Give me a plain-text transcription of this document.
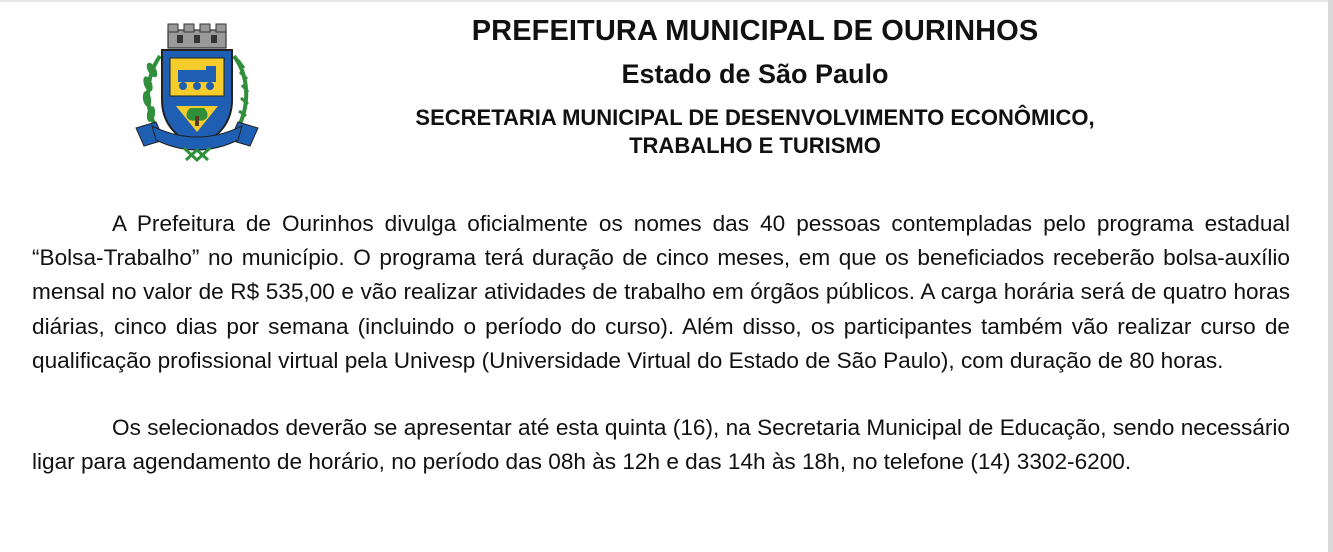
PREFEITURA MUNICIPAL DE OURINHOS
Estado de São Paulo
SECRETARIA MUNICIPAL DE DESENVOLVIMENTO ECONÔMICO,
TRABALHO E TURISMO

A Prefeitura de Ourinhos divulga oficialmente os nomes das 40 pessoas contempladas pelo programa estadual “Bolsa-Trabalho” no município. O programa terá duração de cinco meses, em que os beneficiados receberão bolsa-auxílio mensal no valor de R$ 535,00 e vão realizar atividades de trabalho em órgãos públicos. A carga horária será de quatro horas diárias, cinco dias por semana (incluindo o período do curso). Além disso, os participantes também vão realizar curso de qualificação profissional virtual pela Univesp (Universidade Virtual do Estado de São Paulo), com duração de 80 horas.

Os selecionados deverão se apresentar até esta quinta (16), na Secretaria Municipal de Educação, sendo necessário ligar para agendamento de horário, no período das 08h às 12h e das 14h às 18h, no telefone (14) 3302-6200.
